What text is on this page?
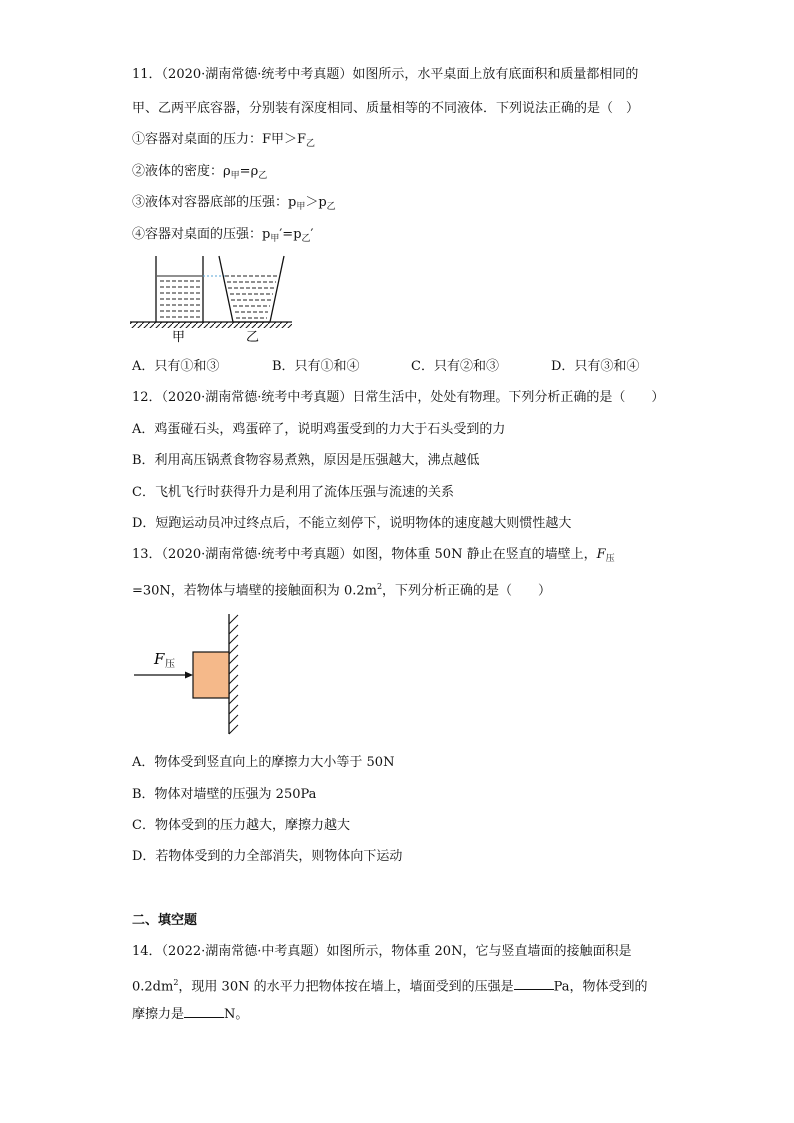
11．（2020·湖南常德·统考中考真题）如图所示，水平桌面上放有底面积和质量都相同的
甲、乙两平底容器，分别装有深度相同、质量相等的不同液体．下列说法正确的是（　）
①容器对桌面的压力：F甲$>F_乙$
②液体的密度：$\rho_甲=\rho_乙$
③液体对容器底部的压强：$p_甲>p_乙$
④容器对桌面的压强：$p_甲'=p_乙'$
甲	乙
A．只有①和③	B．只有①和④	C．只有②和③	D．只有③和④
12．（2020·湖南常德·统考中考真题）日常生活中，处处有物理。下列分析正确的是（　　）
A．鸡蛋碰石头，鸡蛋碎了，说明鸡蛋受到的力大于石头受到的力
B．利用高压锅煮食物容易煮熟，原因是压强越大，沸点越低
C．飞机飞行时获得升力是利用了流体压强与流速的关系
D．短跑运动员冲过终点后，不能立刻停下，说明物体的速度越大则惯性越大
13．（2020·湖南常德·统考中考真题）如图，物体重 50N 静止在竖直的墙壁上，$F_压$
=30N，若物体与墙壁的接触面积为 $0.2m^2$，下列分析正确的是（　　）
F 压
A．物体受到竖直向上的摩擦力大小等于 50N
B．物体对墙壁的压强为 250Pa
C．物体受到的压力越大，摩擦力越大
D．若物体受到的力全部消失，则物体向下运动
二、填空题
14．（2022·湖南常德·中考真题）如图所示，物体重 20N，它与竖直墙面的接触面积是
$0.2dm^2$，现用 30N 的水平力把物体按在墙上，墙面受到的压强是	Pa，物体受到的
摩擦力是	N。
